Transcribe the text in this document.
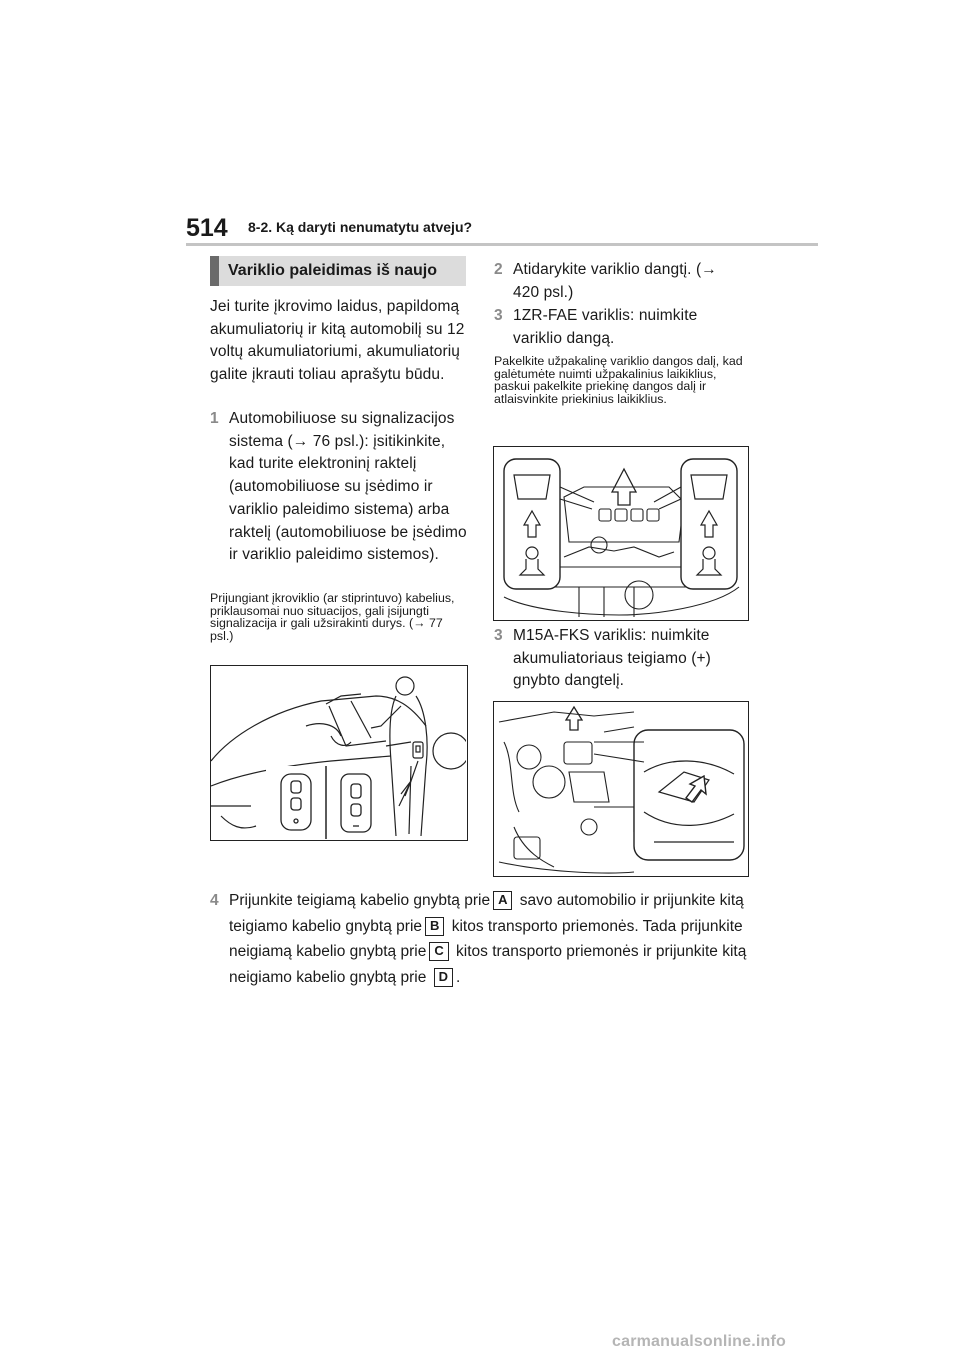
514 8-2. Ką daryti nenumatytu atveju?
Variklio paleidimas iš naujo
Jei turite įkrovimo laidus, papildomą akumuliatorių ir kitą automobilį su 12 voltų akumuliatoriumi, akumuliatorių galite įkrauti toliau aprašytu būdu.
1 Automobiliuose su signalizacijos sistema (→ 76 psl.): įsitikinkite, kad turite elektroninį raktelį (automobiliuose su įsėdimo ir variklio paleidimo sistema) arba raktelį (automobiliuose be įsėdimo ir variklio paleidimo sistemos).
Prijungiant įkroviklio (ar stiprintuvo) kabelius, priklausomai nuo situacijos, gali įsijungti signalizacija ir gali užsirakinti durys. (→ 77 psl.)
2 Atidarykite variklio dangtį. (→ 420 psl.)
3 1ZR-FAE variklis: nuimkite variklio dangą.
Pakelkite užpakalinę variklio dangos dalį, kad galėtumėte nuimti užpakalinius laikiklius, paskui pakelkite priekinę dangos dalį ir atlaisvinkite priekinius laikiklius.
3 M15A-FKS variklis: nuimkite akumuliatoriaus teigiamo (+) gnybto dangtelį.
4 Prijunkite teigiamą kabelio gnybtą prie A savo automobilio ir prijunkite kitą teigiamo kabelio gnybtą prie B kitos transporto priemonės. Tada prijunkite neigiamą kabelio gnybtą prie C kitos transporto priemonės ir prijunkite kitą neigiamo kabelio gnybtą prie D .
carmanualsonline.info
